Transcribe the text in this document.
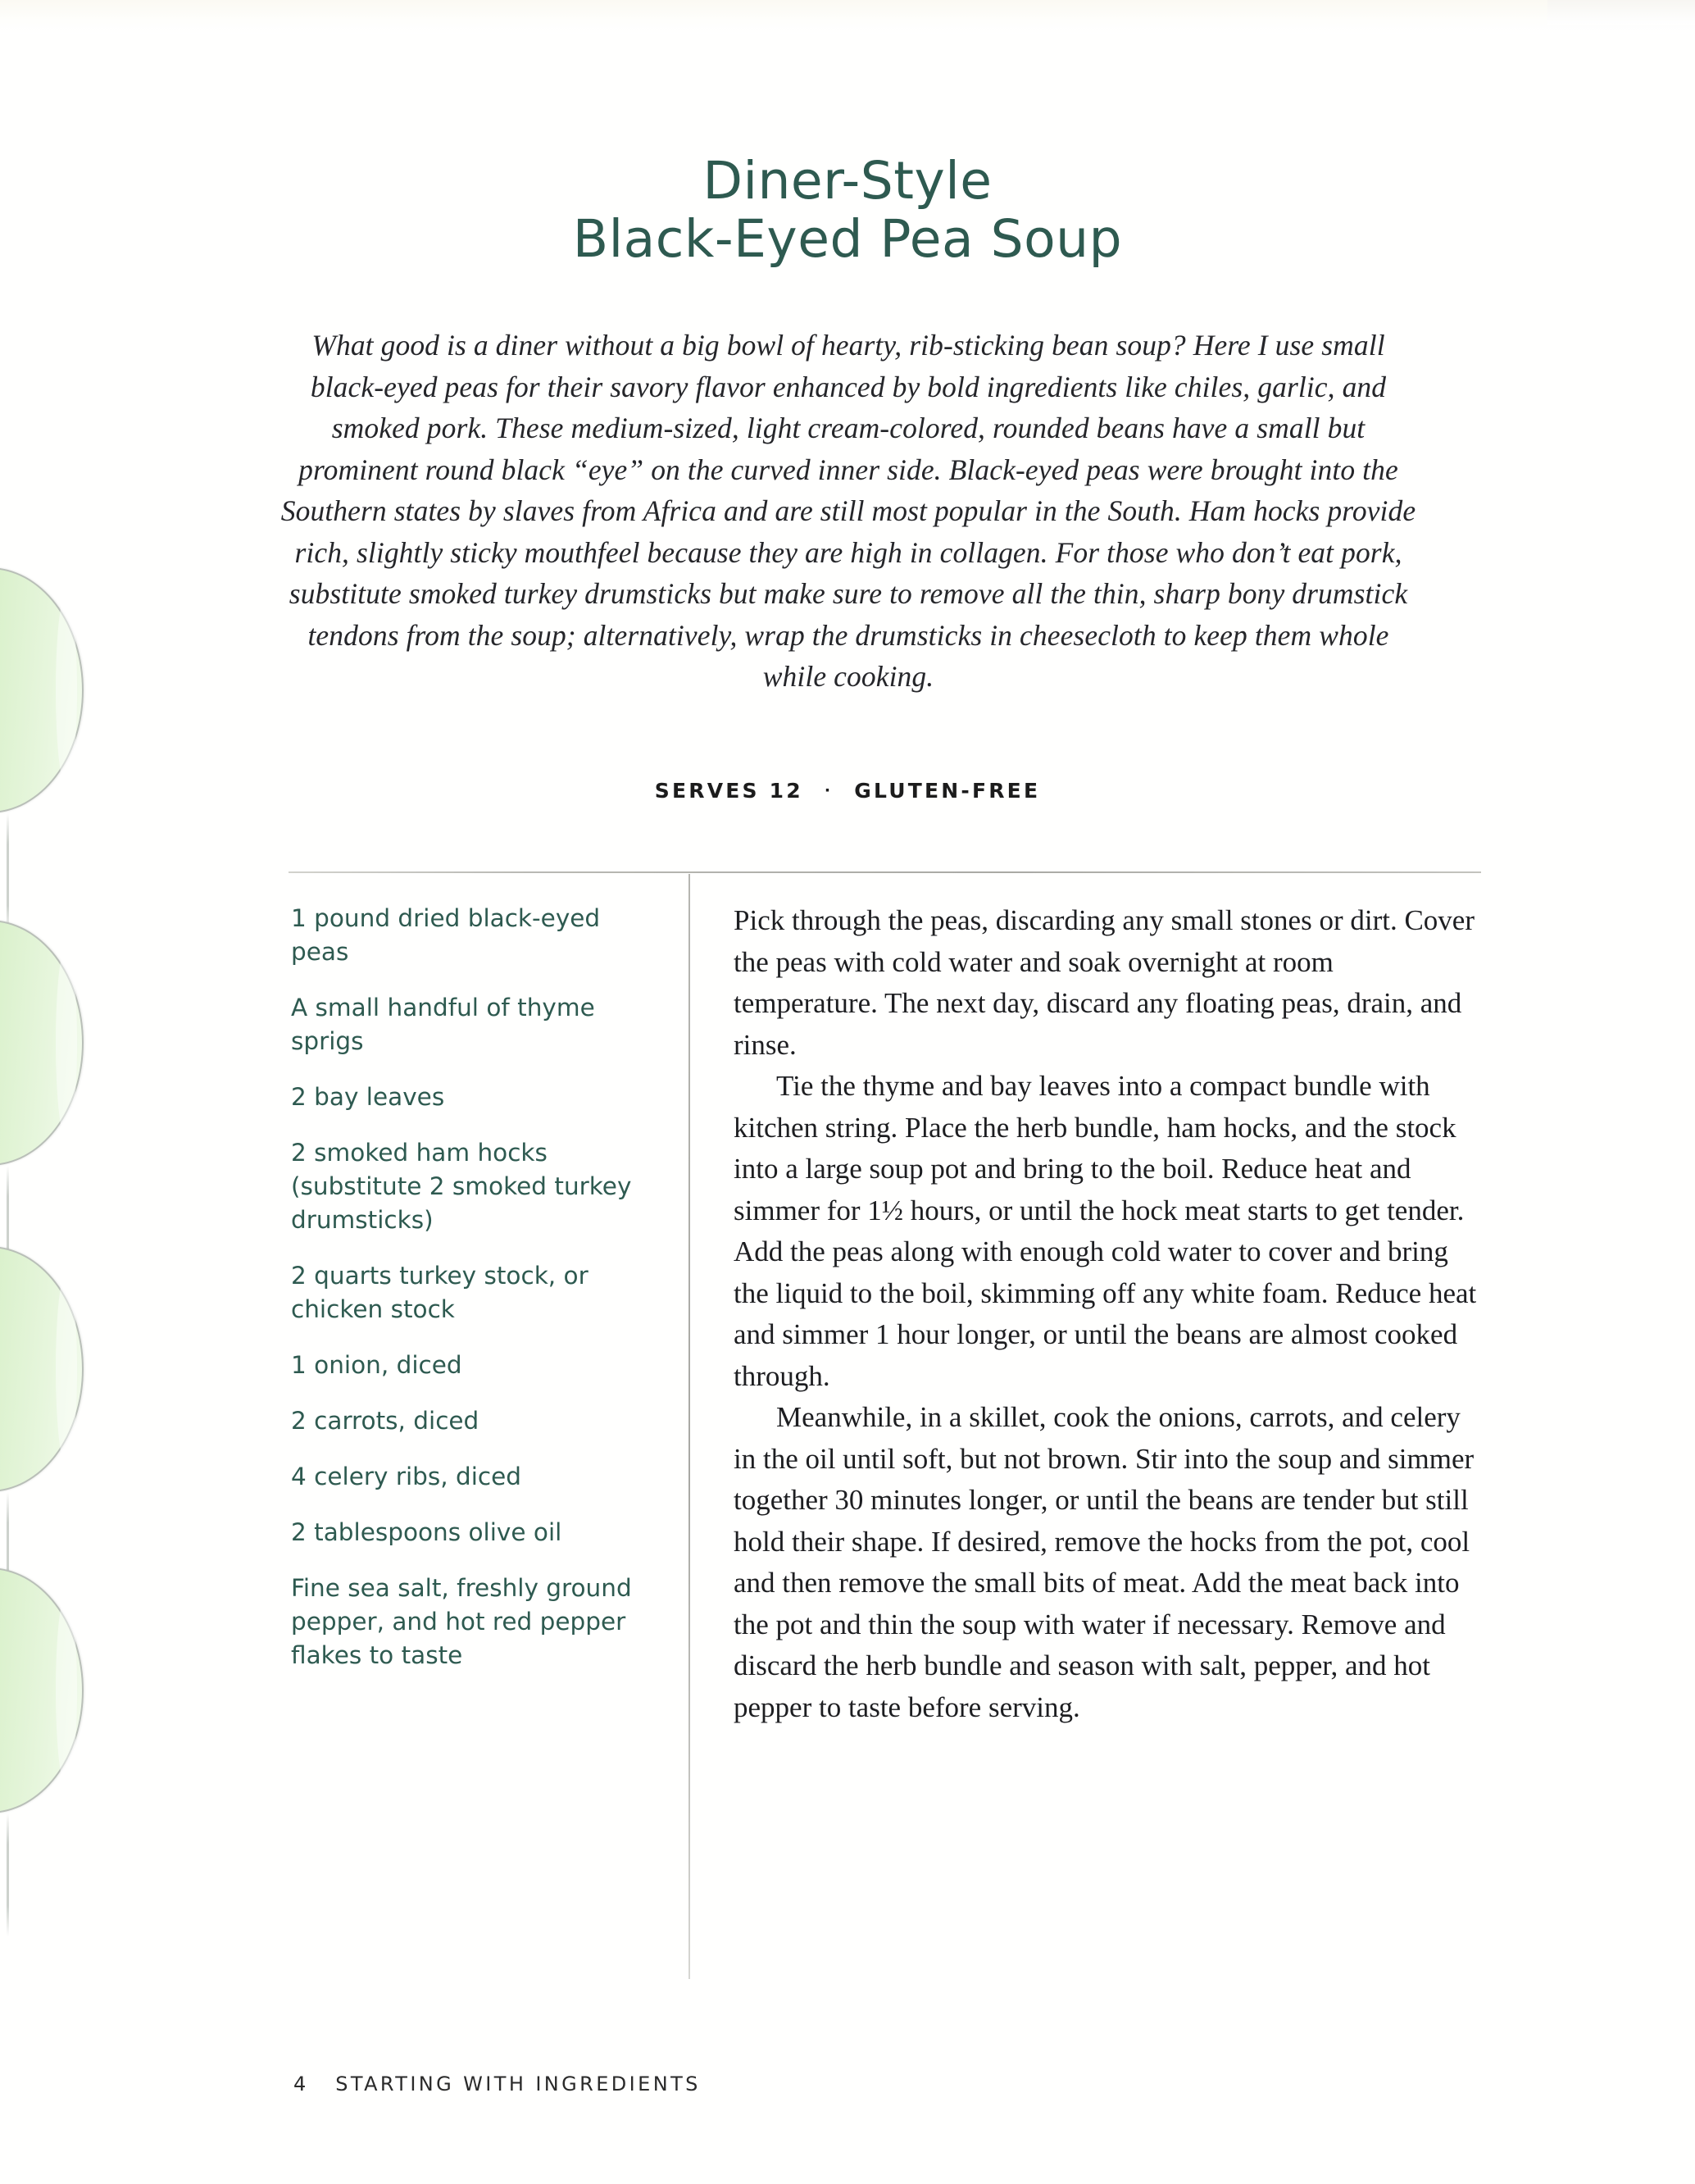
Diner-Style
Black-Eyed Pea Soup
What good is a diner without a big bowl of hearty, rib-sticking bean soup? Here I use small black-eyed peas for their savory flavor enhanced by bold ingredients like chiles, garlic, and smoked pork. These medium-sized, light cream-colored, rounded beans have a small but prominent round black “eye” on the curved inner side. Black-eyed peas were brought into the Southern states by slaves from Africa and are still most popular in the South. Ham hocks provide rich, slightly sticky mouthfeel because they are high in collagen. For those who don’t eat pork, substitute smoked turkey drumsticks but make sure to remove all the thin, sharp bony drumstick tendons from the soup; alternatively, wrap the drumsticks in cheesecloth to keep them whole while cooking.
SERVES 12 · GLUTEN-FREE
1 pound dried black-eyed peas
A small handful of thyme sprigs
2 bay leaves
2 smoked ham hocks (substitute 2 smoked turkey drumsticks)
2 quarts turkey stock, or chicken stock
1 onion, diced
2 carrots, diced
4 celery ribs, diced
2 tablespoons olive oil
Fine sea salt, freshly ground pepper, and hot red pepper flakes to taste

Pick through the peas, discarding any small stones or dirt. Cover the peas with cold water and soak overnight at room temperature. The next day, discard any floating peas, drain, and rinse.

Tie the thyme and bay leaves into a compact bundle with kitchen string. Place the herb bundle, ham hocks, and the stock into a large soup pot and bring to the boil. Reduce heat and simmer for 1½ hours, or until the hock meat starts to get tender. Add the peas along with enough cold water to cover and bring the liquid to the boil, skimming off any white foam. Reduce heat and simmer 1 hour longer, or until the beans are almost cooked through.

Meanwhile, in a skillet, cook the onions, carrots, and celery in the oil until soft, but not brown. Stir into the soup and simmer together 30 minutes longer, or until the beans are tender but still hold their shape. If desired, remove the hocks from the pot, cool and then remove the small bits of meat. Add the meat back into the pot and thin the soup with water if necessary. Remove and discard the herb bundle and season with salt, pepper, and hot pepper to taste before serving.

4 STARTING WITH INGREDIENTS
